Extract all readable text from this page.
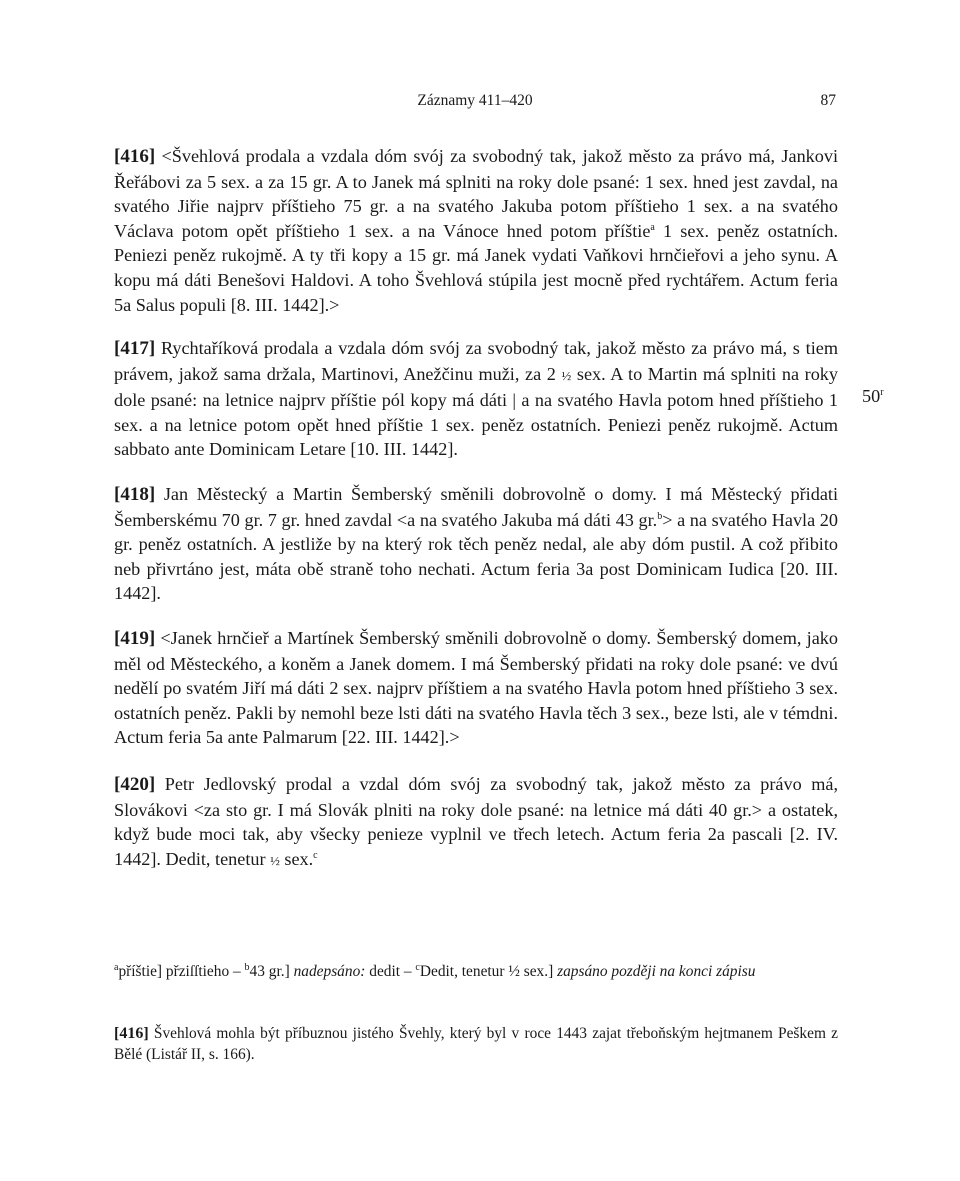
Záznamy 411–420	87
[416] <Švehlová prodala a vzdala dóm svój za svobodný tak, jakož město za právo má, Jankovi Řeřábovi za 5 sex. a za 15 gr. A to Janek má splniti na roky dole psané: 1 sex. hned jest zavdal, na svatého Jiřie najprv příštieho 75 gr. a na svatého Jakuba potom příštieho 1 sex. a na svatého Václava potom opět příštieho 1 sex. a na Vánoce hned potom příštie$^a$ 1 sex. peněz ostatních. Peniezi peněz rukojmě. A ty tři kopy a 15 gr. má Janek vydati Vaňkovi hrnčieřovi a jeho synu. A kopu má dáti Benešovi Haldovi. A toho Švehlová stúpila jest mocně před rychtářem. Actum feria 5a Salus populi [8. III. 1442].>
[417] Rychtaříková prodala a vzdala dóm svój za svobodný tak, jakož město za právo má, s tiem právem, jakož sama držala, Martinovi, Anežčinu muži, za 2 ½ sex. A to Martin má splniti na roky dole psané: na letnice najprv příštie pól kopy má dáti | a na svatého Havla potom hned příštieho 1 sex. a na letnice potom opět hned příštie 1 sex. peněz ostatních. Peniezi peněz rukojmě. Actum sabbato ante Dominicam Letare [10. III. 1442].
50$^r$
[418] Jan Městecký a Martin Šemberský směnili dobrovolně o domy. I má Městecký přidati Šemberskému 70 gr. 7 gr. hned zavdal <a na svatého Jakuba má dáti 43 gr.$^b$> a na svatého Havla 20 gr. peněz ostatních. A jestliže by na který rok těch peněz nedal, ale aby dóm pustil. A což přibito neb přivrtáno jest, máta obě straně toho nechati. Actum feria 3a post Dominicam Iudica [20. III. 1442].
[419] <Janek hrnčieř a Martínek Šemberský směnili dobrovolně o domy. Šemberský domem, jako měl od Městeckého, a koněm a Janek domem. I má Šemberský přidati na roky dole psané: ve dvú nedělí po svatém Jiří má dáti 2 sex. najprv příštiem a na svatého Havla potom hned příštieho 3 sex. ostatních peněz. Pakli by nemohl beze lsti dáti na svatého Havla těch 3 sex., beze lsti, ale v témdni. Actum feria 5a ante Palmarum [22. III. 1442].>
[420] Petr Jedlovský prodal a vzdal dóm svój za svobodný tak, jakož město za právo má, Slovákovi <za sto gr. I má Slovák plniti na roky dole psané: na letnice má dáti 40 gr.> a ostatek, když bude moci tak, aby všecky penieze vyplnil ve třech letech. Actum feria 2a pascali [2. IV. 1442]. Dedit, tenetur ½ sex.$^c$
$^a$příštie] přziſſtieho – $^b$43 gr.] nadepsáno: dedit – $^c$Dedit, tenetur ½ sex.] zapsáno později na konci zápisu
[416] Švehlová mohla být příbuznou jistého Švehly, který byl v roce 1443 zajat třeboňským hejtmanem Peškem z Bělé (Listář II, s. 166).
